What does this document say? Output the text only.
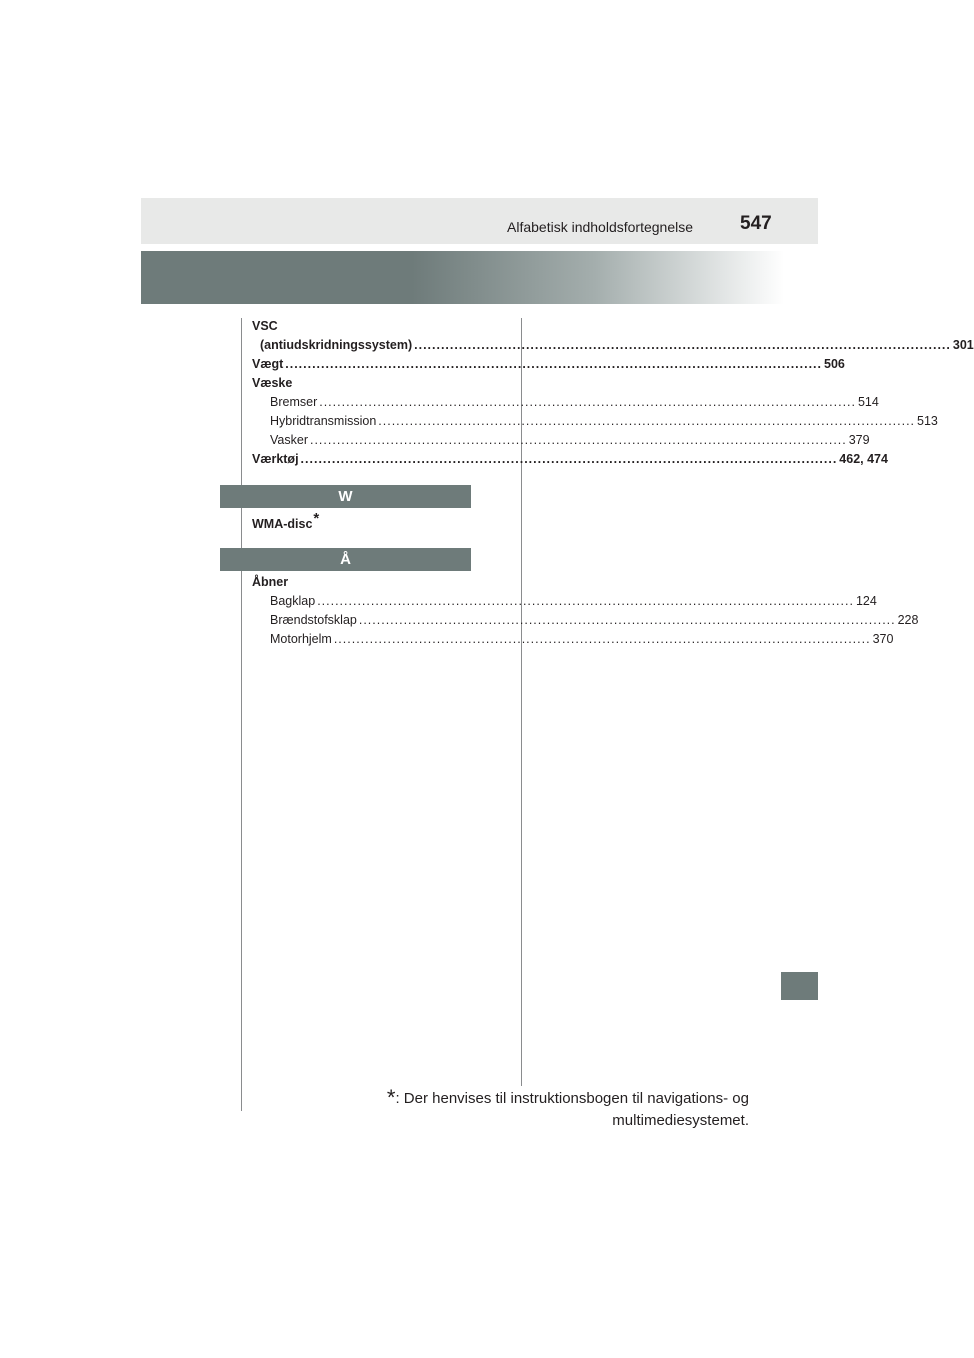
Alfabetisk indholdsfortegnelse 547
VSC
(antiudskridningssystem) ........................................................................................................................ 301
Vægt ........................................................................................................................ 506
Væske
Bremser ........................................................................................................................ 514
Hybridtransmission ........................................................................................................................ 513
Vasker ........................................................................................................................ 379
Værktøj ........................................................................................................................ 462, 474
W
WMA-disc*
Å
Åbner
Bagklap ........................................................................................................................ 124
Brændstofsklap ........................................................................................................................ 228
Motorhjelm ........................................................................................................................ 370
*: Der henvises til instruktionsbogen til navigations- og
multimediesystemet.
